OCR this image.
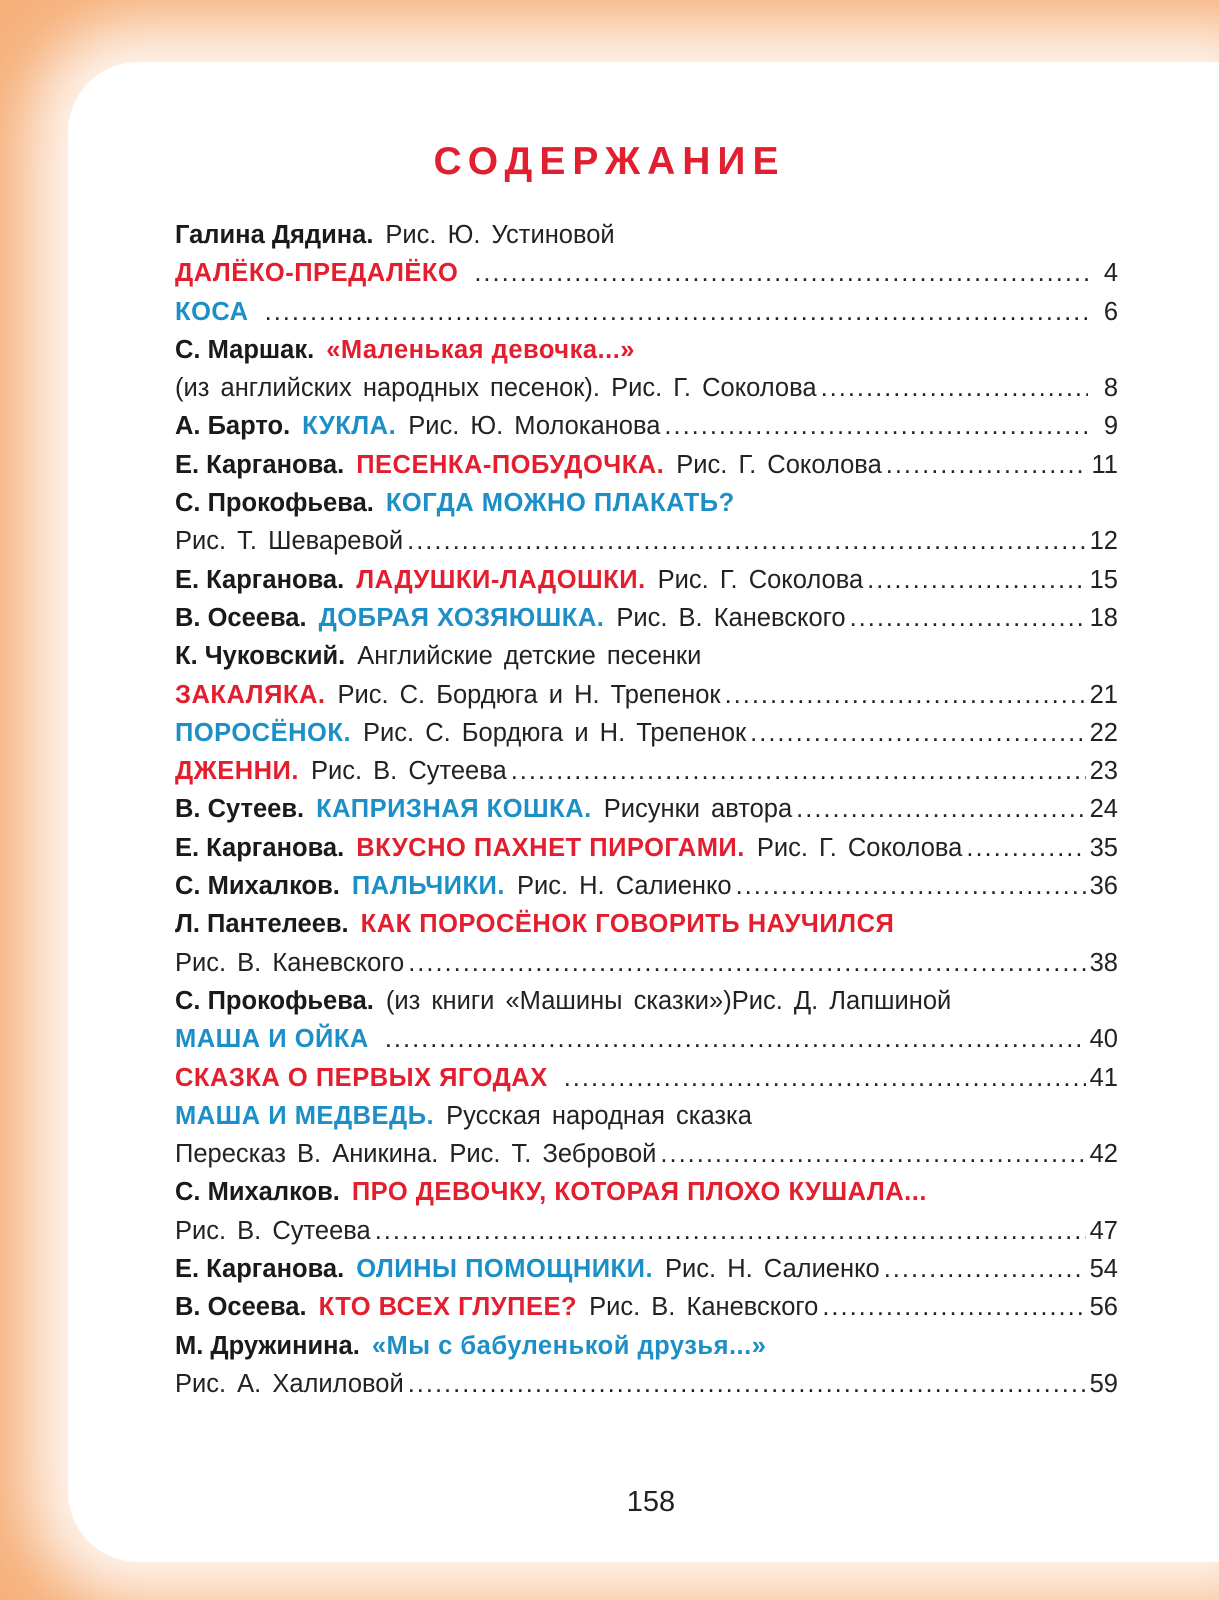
СОДЕРЖАНИЕ
Галина Дядина. Рис. Ю. Устиновой
ДАЛЁКО-ПРЕДАЛЁКО .....	4
КОСА .....	6
С. Маршак. «Маленькая девочка...»
(из английских народных песенок). Рис. Г. Соколова .....	8
А. Барто. КУКЛА. Рис. Ю. Молоканова .....	9
Е. Карганова. ПЕСЕНКА-ПОБУДОЧКА. Рис. Г. Соколова .....	11
С. Прокофьева. КОГДА МОЖНО ПЛАКАТЬ?
Рис. Т. Шеваревой .....	12
Е. Карганова. ЛАДУШКИ-ЛАДОШКИ. Рис. Г. Соколова .....	15
В. Осеева. ДОБРАЯ ХОЗЯЮШКА. Рис. В. Каневского .....	18
К. Чуковский. Английские детские песенки
ЗАКАЛЯКА. Рис. С. Бордюга и Н. Трепенок .....	21
ПОРОСЁНОК. Рис. С. Бордюга и Н. Трепенок .....	22
ДЖЕННИ. Рис. В. Сутеева .....	23
В. Сутеев. КАПРИЗНАЯ КОШКА. Рисунки автора .....	24
Е. Карганова. ВКУСНО ПАХНЕТ ПИРОГАМИ. Рис. Г. Соколова .....	35
С. Михалков. ПАЛЬЧИКИ. Рис. Н. Салиенко .....	36
Л. Пантелеев. КАК ПОРОСЁНОК ГОВОРИТЬ НАУЧИЛСЯ
Рис. В. Каневского .....	38
С. Прокофьева. (из книги «Машины сказки»)Рис. Д. Лапшиной
МАША И ОЙКА .....	40
СКАЗКА О ПЕРВЫХ ЯГОДАХ .....	41
МАША И МЕДВЕДЬ. Русская народная сказка
Пересказ В. Аникина. Рис. Т. Зебровой .....	42
С. Михалков. ПРО ДЕВОЧКУ, КОТОРАЯ ПЛОХО КУШАЛА...
Рис. В. Сутеева .....	47
Е. Карганова. ОЛИНЫ ПОМОЩНИКИ. Рис. Н. Салиенко .....	54
В. Осеева. КТО ВСЕХ ГЛУПЕЕ? Рис. В. Каневского .....	56
М. Дружинина. «Мы с бабуленькой друзья...»
Рис. А. Халиловой .....	59
158
